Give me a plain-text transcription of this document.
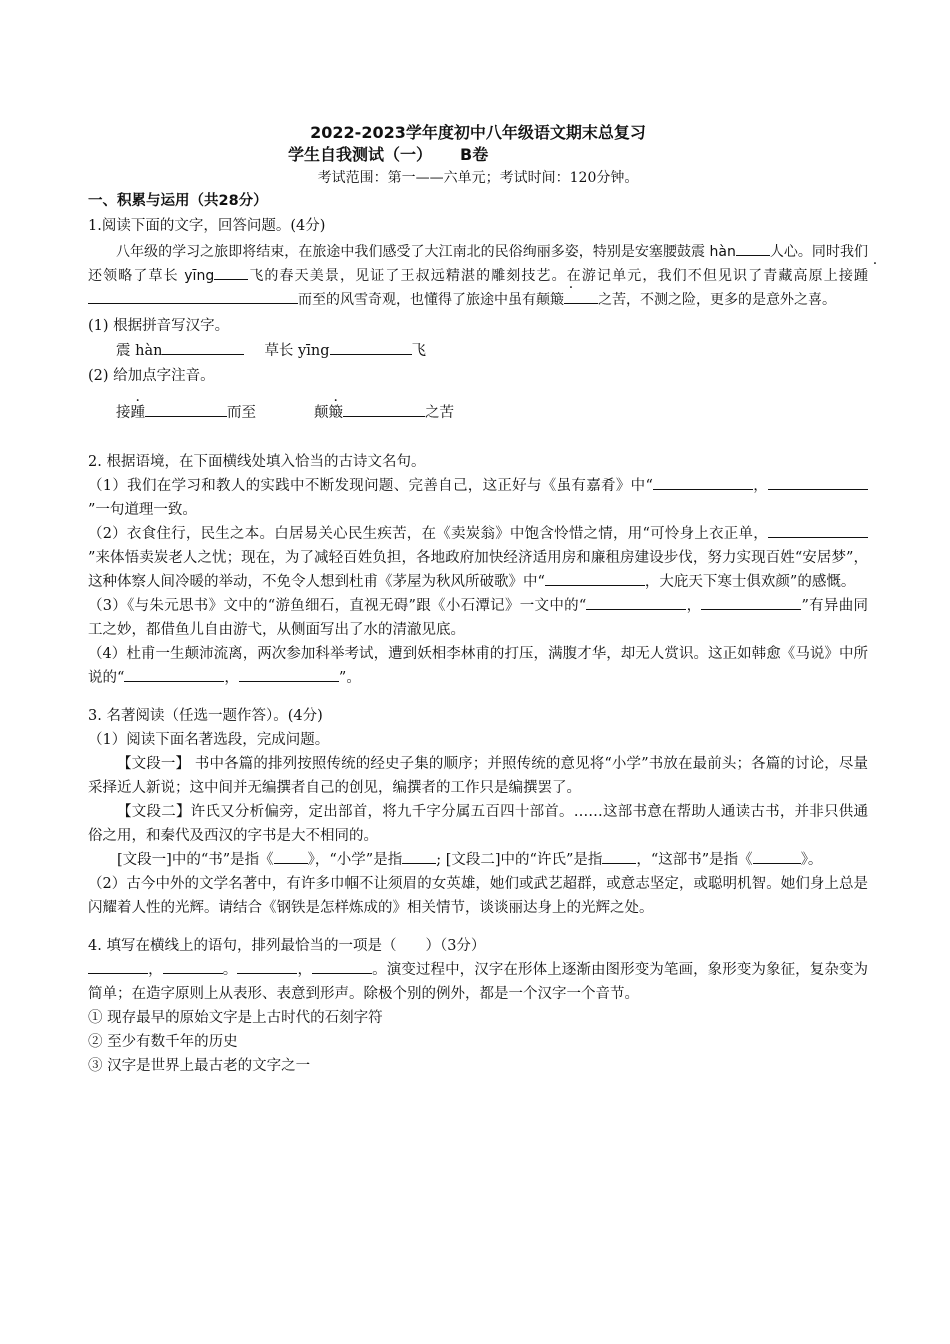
2022-2023学年度初中八年级语文期末总复习

学生自我测试（一） B卷

考试范围：第一——六单元；考试时间：120分钟。

一、积累与运用（共28分）

1.阅读下面的文字，回答问题。(4分)

八年级的学习之旅即将结束，在旅途中我们感受了大江南北的民俗绚丽多姿，特别是安塞腰鼓震 hàn 人心。同时我们还领略了草长 yīng 飞的春天美景，见证了王叔远精湛的雕刻技艺。在游记单元，我们不但见识了青藏高原上接踵而至的风雪奇观，也懂得了旅途中虽有颠簸 之苦，不测之险，更多的是意外之喜。

(1) 根据拼音写汉字。

震 hàn	草长 yīng	飞

(2) 给加点字注音。

接踵	而至	颠簸	之苦

2. 根据语境，在下面横线处填入恰当的古诗文名句。

（1）我们在学习和教人的实践中不断发现问题、完善自己，这正好与《虽有嘉肴》中“	，”一句道理一致。

（2）衣食住行，民生之本。白居易关心民生疾苦，在《卖炭翁》中饱含怜惜之情，用“可怜身上衣正单，”来体悟卖炭老人之忧；现在，为了减轻百姓负担，各地政府加快经济适用房和廉租房建设步伐，努力实现百姓“安居梦”，这种体察人间冷暖的举动，不免令人想到杜甫《茅屋为秋风所破歌》中“	，大庇天下寒士俱欢颜”的感慨。

（3）《与朱元思书》文中的“游鱼细石，直视无碍”跟《小石潭记》一文中的“	，	”有异曲同工之妙，都借鱼儿自由游弋，从侧面写出了水的清澈见底。

（4）杜甫一生颠沛流离，两次参加科举考试，遭到妖相李林甫的打压，满腹才华，却无人赏识。这正如韩愈《马说》中所说的“	，	”。

3. 名著阅读（任选一题作答）。(4分)

（1）阅读下面名著选段，完成问题。

【文段一】 书中各篇的排列按照传统的经史子集的顺序；并照传统的意见将“小学”书放在最前头；各篇的讨论，尽量采择近人新说；这中间并无编撰者自己的创见，编撰者的工作只是编撰罢了。

【文段二】许氏又分析偏旁，定出部首，将九千字分属五百四十部首。……这部书意在帮助人通读古书，并非只供通俗之用，和秦代及西汉的字书是大不相同的。

[文段一]中的“书”是指《 》，“小学”是指 ; [文段二]中的“许氏”是指 ，“这部书”是指《	》。

（2）古今中外的文学名著中，有许多巾帼不让须眉的女英雄，她们或武艺超群，或意志坚定，或聪明机智。她们身上总是闪耀着人性的光辉。请结合《钢铁是怎样炼成的》相关情节，谈谈丽达身上的光辉之处。

4. 填写在横线上的语句，排列最恰当的一项是（　　）（3分）

，	。	，	。演变过程中，汉字在形体上逐渐由图形变为笔画，象形变为象征，复杂变为简单；在造字原则上从表形、表意到形声。除极个别的例外，都是一个汉字一个音节。

① 现存最早的原始文字是上古时代的石刻字符

② 至少有数千年的历史

③ 汉字是世界上最古老的文字之一
